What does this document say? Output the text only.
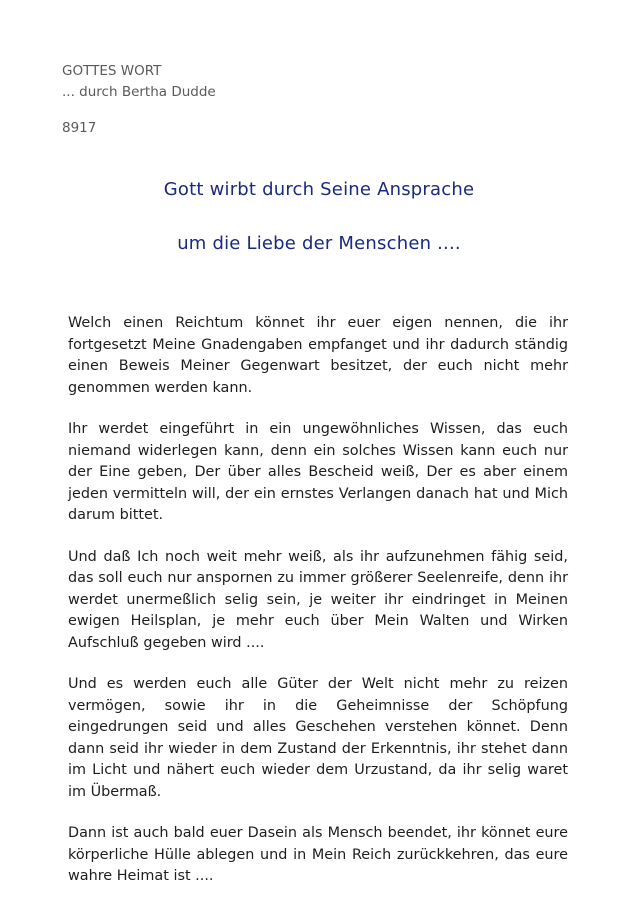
GOTTES WORT
... durch Bertha Dudde
8917
Gott wirbt durch Seine Ansprache
um die Liebe der Menschen ....

Welch einen Reichtum könnet ihr euer eigen nennen, die ihr fortgesetzt Meine Gnadengaben empfanget und ihr dadurch ständig einen Beweis Meiner Gegenwart besitzet, der euch nicht mehr genommen werden kann.

Ihr werdet eingeführt in ein ungewöhnliches Wissen, das euch niemand widerlegen kann, denn ein solches Wissen kann euch nur der Eine geben, Der über alles Bescheid weiß, Der es aber einem jeden vermitteln will, der ein ernstes Verlangen danach hat und Mich darum bittet.

Und daß Ich noch weit mehr weiß, als ihr aufzunehmen fähig seid, das soll euch nur anspornen zu immer größerer Seelenreife, denn ihr werdet unermeßlich selig sein, je weiter ihr eindringet in Meinen ewigen Heilsplan, je mehr euch über Mein Walten und Wirken Aufschluß gegeben wird ....

Und es werden euch alle Güter der Welt nicht mehr zu reizen vermögen, sowie ihr in die Geheimnisse der Schöpfung eingedrungen seid und alles Geschehen verstehen könnet. Denn dann seid ihr wieder in dem Zustand der Erkenntnis, ihr stehet dann im Licht und nähert euch wieder dem Urzustand, da ihr selig waret im Übermaß.

Dann ist auch bald euer Dasein als Mensch beendet, ihr könnet eure körperliche Hülle ablegen und in Mein Reich zurückkehren, das eure wahre Heimat ist ....
